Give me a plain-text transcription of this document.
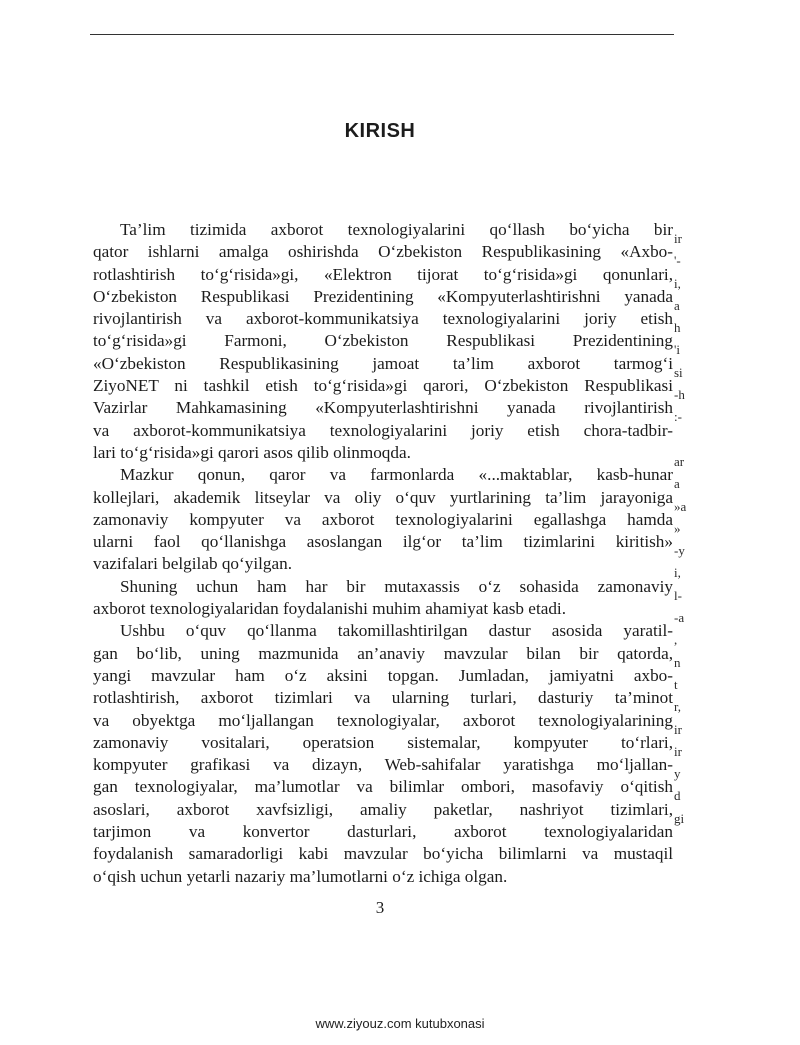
KIRISH
Ta’lim tizimida axborot texnologiyalarini qo‘llash bo‘yicha bir
qator ishlarni amalga oshirishda O‘zbekiston Respublikasining «Axbo-
rotlashtirish to‘g‘risida»gi, «Elektron tijorat to‘g‘risida»gi qonunlari,
O‘zbekiston Respublikasi Prezidentining «Kompyuterlashtirishni yanada
rivojlantirish va axborot-kommunikatsiya texnologiyalarini joriy etish
to‘g‘risida»gi Farmoni, O‘zbekiston Respublikasi Prezidentining
«O‘zbekiston Respublikasining jamoat ta’lim axborot tarmog‘i
ZiyoNET ni tashkil etish to‘g‘risida»gi qarori, O‘zbekiston Respublikasi
Vazirlar Mahkamasining «Kompyuterlashtirishni yanada rivojlantirish
va axborot-kommunikatsiya texnologiyalarini joriy etish chora-tadbir-
lari to‘g‘risida»gi qarori asos qilib olinmoqda.
Mazkur qonun, qaror va farmonlarda «...maktablar, kasb-hunar
kollejlari, akademik litseylar va oliy o‘quv yurtlarining ta’lim jarayoniga
zamonaviy kompyuter va axborot texnologiyalarini egallashga hamda
ularni faol qo‘llanishga asoslangan ilg‘or ta’lim tizimlarini kiritish»
vazifalari belgilab qo‘yilgan.
Shuning uchun ham har bir mutaxassis o‘z sohasida zamonaviy
axborot texnologiyalaridan foydalanishi muhim ahamiyat kasb etadi.
Ushbu o‘quv qo‘llanma takomillashtirilgan dastur asosida yaratil-
gan bo‘lib, uning mazmunida an’anaviy mavzular bilan bir qatorda,
yangi mavzular ham o‘z aksini topgan. Jumladan, jamiyatni axbo-
rotlashtirish, axborot tizimlari va ularning turlari, dasturiy ta’minot
va obyektga mo‘ljallangan texnologiyalar, axborot texnologiyalarining
zamonaviy vositalari, operatsion sistemalar, kompyuter to‘rlari,
kompyuter grafikasi va dizayn, Web-sahifalar yaratishga mo‘ljallan-
gan texnologiyalar, ma’lumotlar va bilimlar ombori, masofaviy o‘qitish
asoslari, axborot xavfsizligi, amaliy paketlar, nashriyot tizimlari,
tarjimon va konvertor dasturlari, axborot texnologiyalaridan
foydalanish samaradorligi kabi mavzular bo‘yicha bilimlarni va mustaqil
o‘qish uchun yetarli nazariy ma’lumotlarni o‘z ichiga olgan.
ir
'-
i,
a
h
'i
si
-h
:-
ar
a
»a
»
-y
i,
l-
-a
,
n
t
r,
ir
ir
y
d
gi
3
www.ziyouz.com kutubxonasi
